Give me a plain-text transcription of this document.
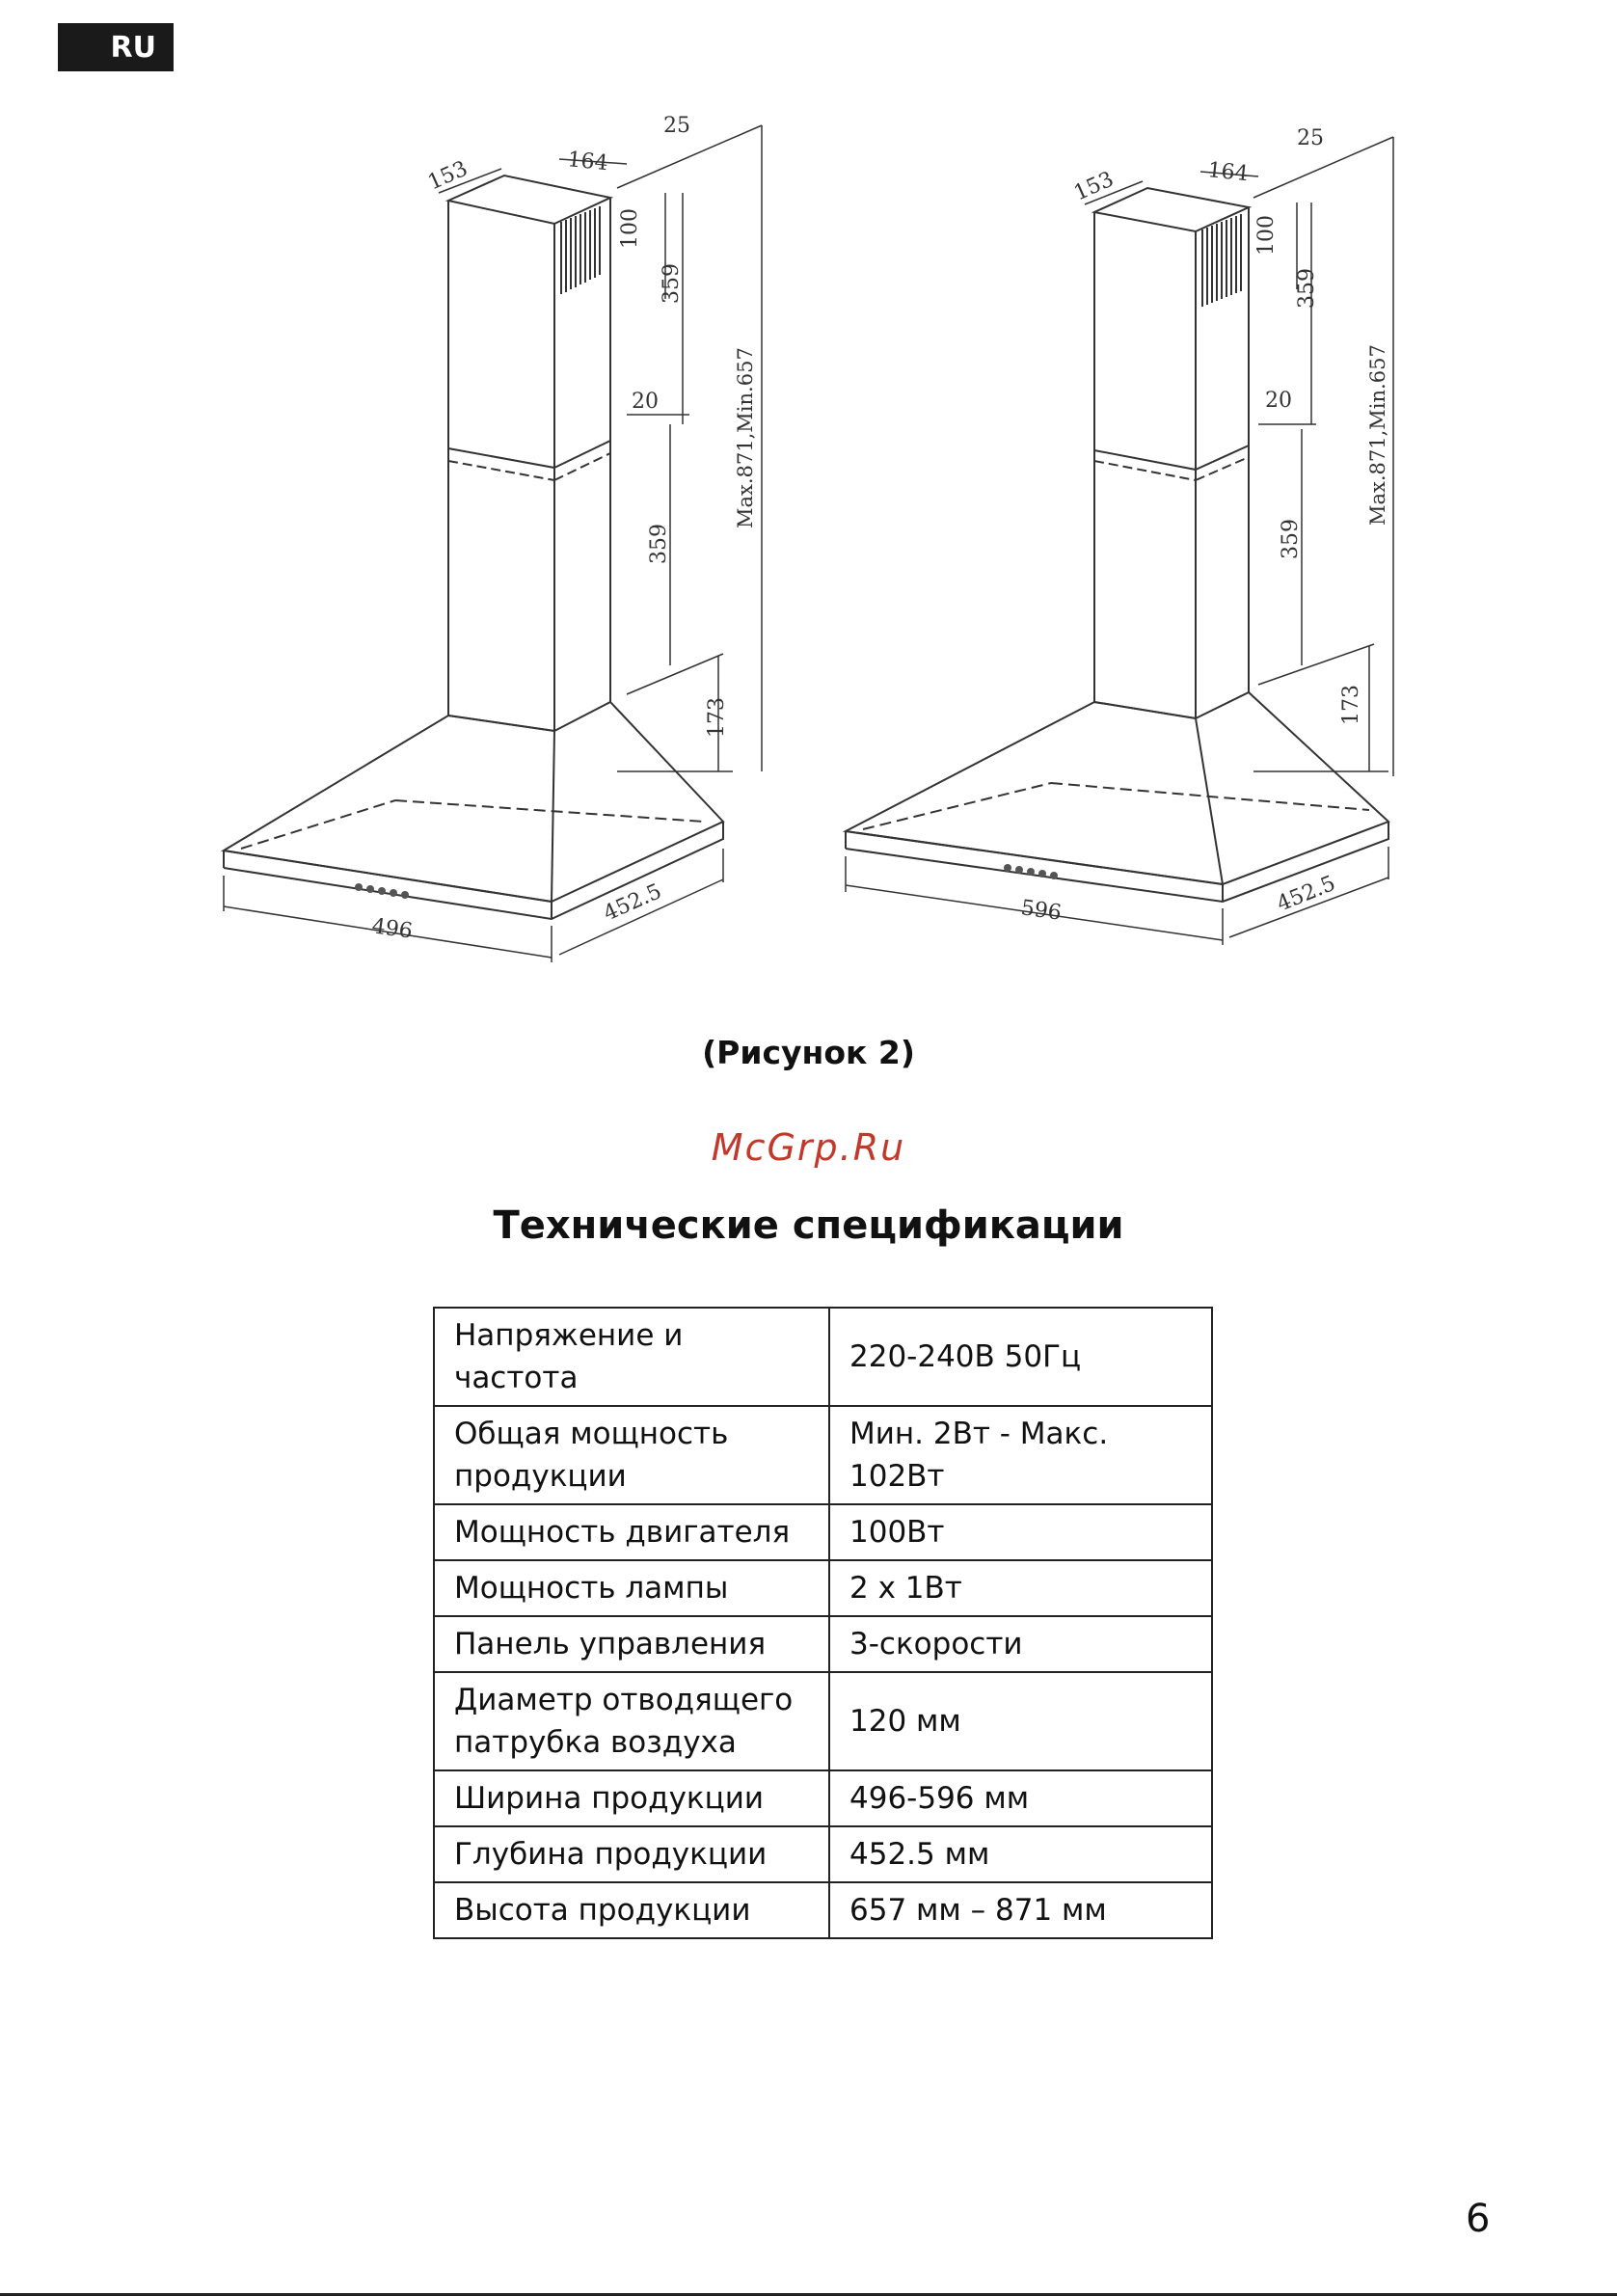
RU
496
452.5
164
153
25
100
359
20
359
173
Max.871,Min.657
596	452.5
164
153
25
100
359
20
359
173
Max.871,Min.657
(Рисунок 2)
McGrp.Ru
Технические спецификации
Напряжение и частота	220-240В 50Гц
Общая мощность продукции	Мин. 2Вт - Макс. 102Вт
Мощность двигателя	100Вт
Мощность лампы	2 x 1Вт
Панель управления	3-скорости
Диаметр отводящего патрубка воздуха	120 мм
Ширина продукции	496-596 мм
Глубина продукции	452.5 мм
Высота продукции	657 мм – 871 мм
6
